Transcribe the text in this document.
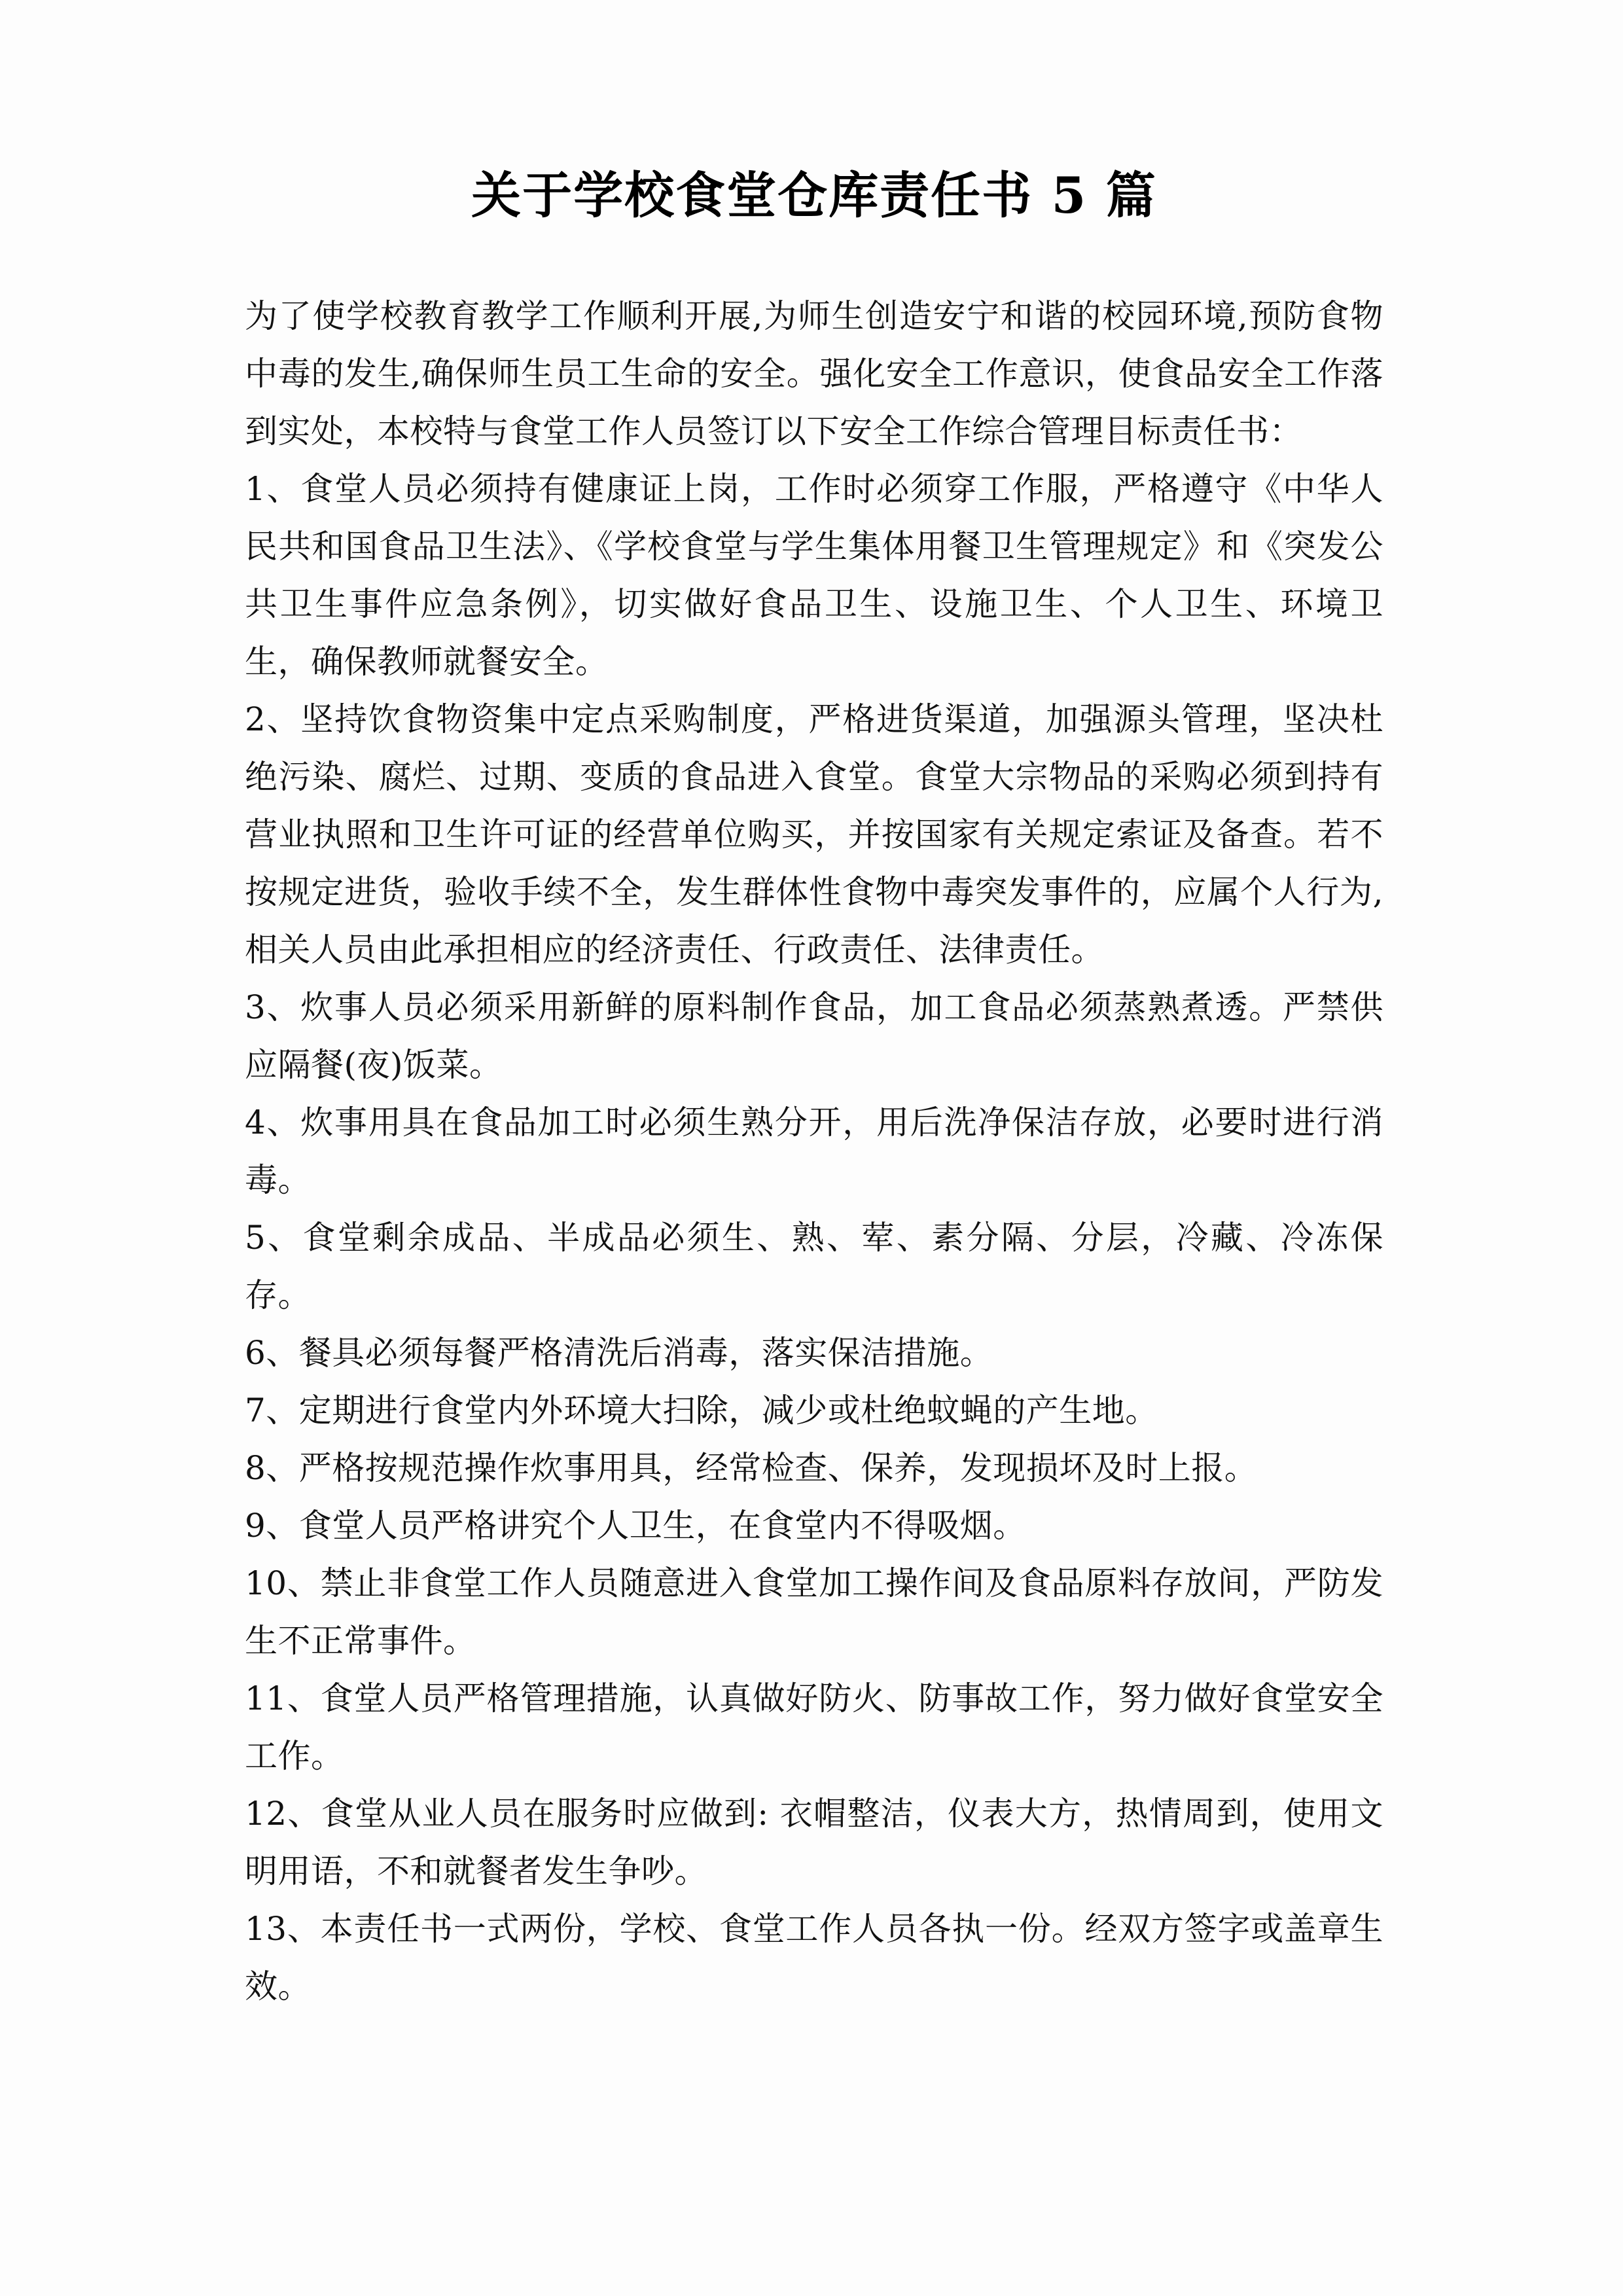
关于学校食堂仓库责任书 5 篇

为了使学校教育教学工作顺利开展,为师生创造安宁和谐的校园环境,预防食物中毒的发生,确保师生员工生命的安全。强化安全工作意识，使食品安全工作落到实处，本校特与食堂工作人员签订以下安全工作综合管理目标责任书：

1、食堂人员必须持有健康证上岗，工作时必须穿工作服，严格遵守《中华人民共和国食品卫生法》、《学校食堂与学生集体用餐卫生管理规定》和《突发公共卫生事件应急条例》，切实做好食品卫生、设施卫生、个人卫生、环境卫生，确保教师就餐安全。

2、坚持饮食物资集中定点采购制度，严格进货渠道，加强源头管理，坚决杜绝污染、腐烂、过期、变质的食品进入食堂。食堂大宗物品的采购必须到持有营业执照和卫生许可证的经营单位购买，并按国家有关规定索证及备查。若不按规定进货，验收手续不全，发生群体性食物中毒突发事件的，应属个人行为,相关人员由此承担相应的经济责任、行政责任、法律责任。

3、炊事人员必须采用新鲜的原料制作食品，加工食品必须蒸熟煮透。严禁供应隔餐(夜)饭菜。

4、炊事用具在食品加工时必须生熟分开，用后洗净保洁存放，必要时进行消毒。

5、食堂剩余成品、半成品必须生、熟、荤、素分隔、分层，冷藏、冷冻保存。

6、餐具必须每餐严格清洗后消毒，落实保洁措施。

7、定期进行食堂内外环境大扫除，减少或杜绝蚊蝇的产生地。

8、严格按规范操作炊事用具，经常检查、保养，发现损坏及时上报。

9、食堂人员严格讲究个人卫生，在食堂内不得吸烟。

10、禁止非食堂工作人员随意进入食堂加工操作间及食品原料存放间，严防发生不正常事件。

11、食堂人员严格管理措施，认真做好防火、防事故工作，努力做好食堂安全工作。

12、食堂从业人员在服务时应做到: 衣帽整洁，仪表大方，热情周到，使用文明用语，不和就餐者发生争吵。

13、本责任书一式两份，学校、食堂工作人员各执一份。经双方签字或盖章生效。
